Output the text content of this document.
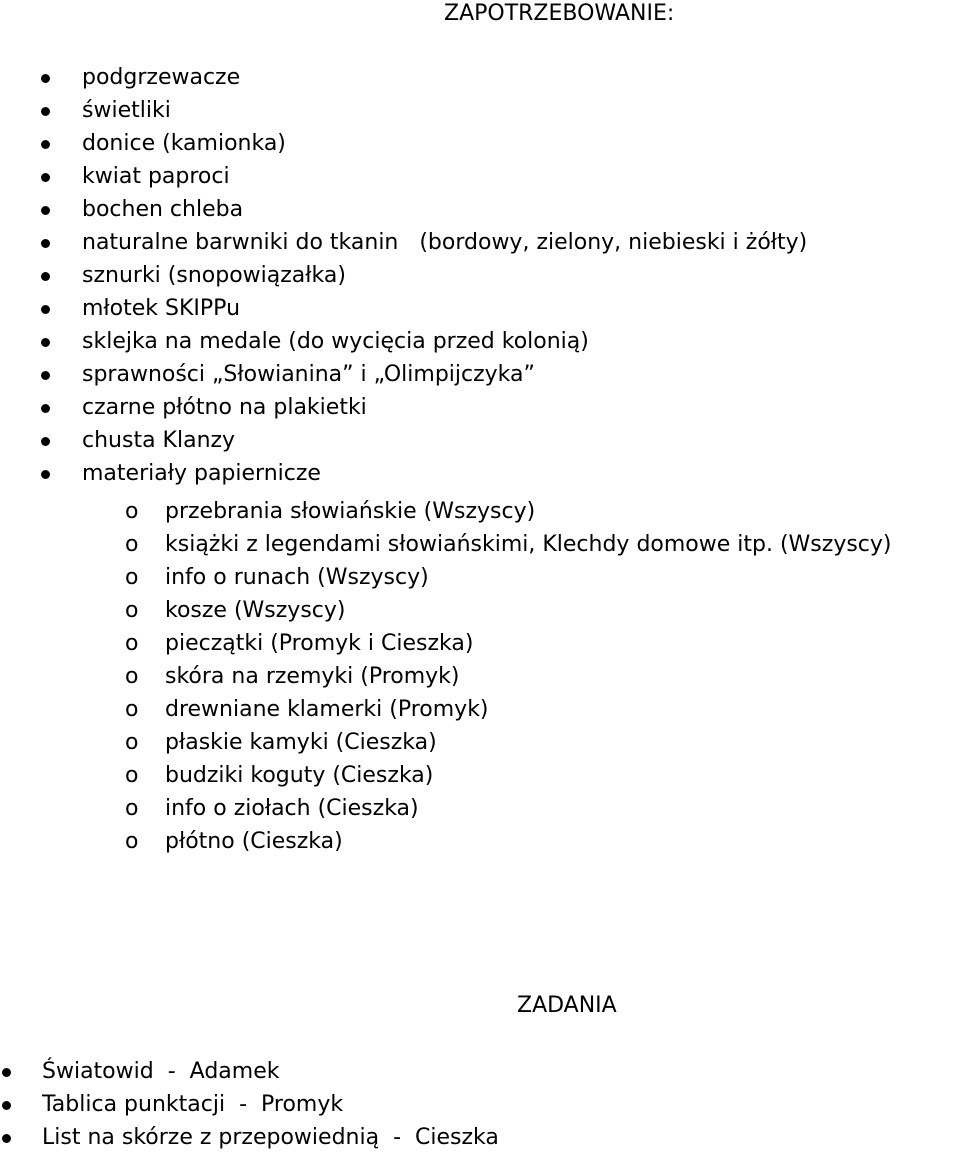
ZAPOTRZEBOWANIE:
podgrzewacze
świetliki
donice (kamionka)
kwiat paproci
bochen chleba
naturalne barwniki do tkanin   (bordowy, zielony, niebieski i żółty)
sznurki (snopowiązałka)
młotek SKIPPu
sklejka na medale (do wycięcia przed kolonią)
sprawności „Słowianina” i „Olimpijczyka”
czarne płótno na plakietki
chusta Klanzy
materiały papiernicze
o przebrania słowiańskie (Wszyscy)
o książki z legendami słowiańskimi, Klechdy domowe itp. (Wszyscy)
o info o runach (Wszyscy)
o kosze (Wszyscy)
o pieczątki (Promyk i Cieszka)
o skóra na rzemyki (Promyk)
o drewniane klamerki (Promyk)
o płaskie kamyki (Cieszka)
o budziki koguty (Cieszka)
o info o ziołach (Cieszka)
o płótno (Cieszka)
ZADANIA
Światowid - Adamek
Tablica punktacji - Promyk
List na skórze z przepowiednią - Cieszka
